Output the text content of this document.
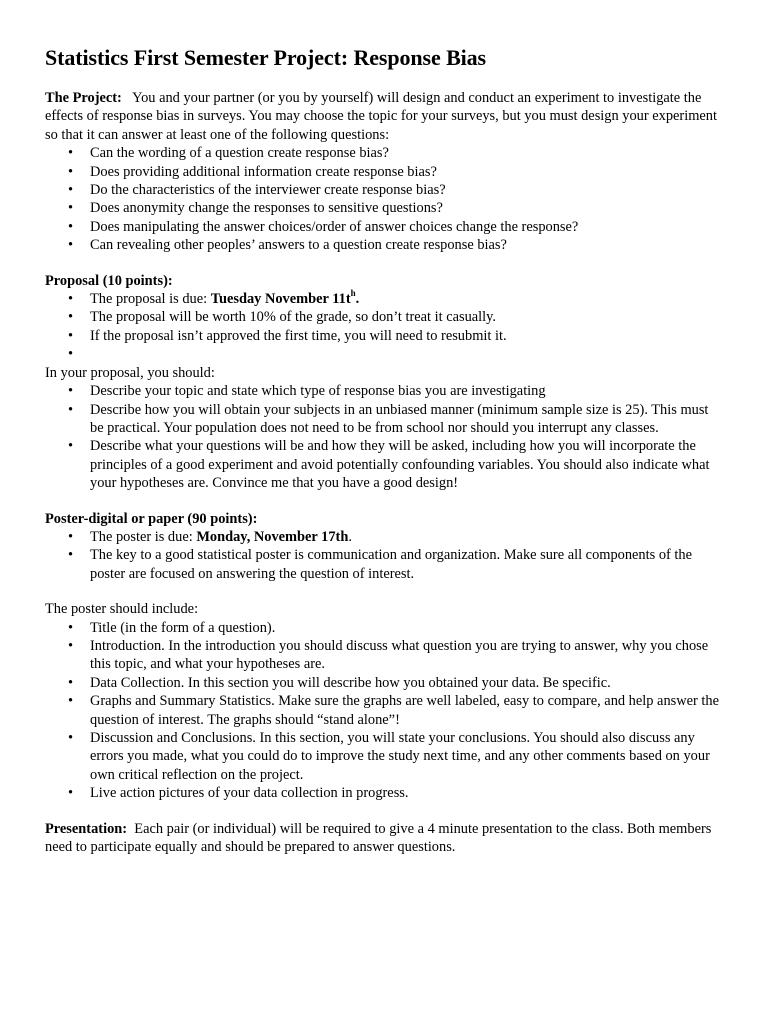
Statistics First Semester Project: Response Bias

The Project: You and your partner (or you by yourself) will design and conduct an experiment to investigate the effects of response bias in surveys. You may choose the topic for your surveys, but you must design your experiment so that it can answer at least one of the following questions:

• Can the wording of a question create response bias?
• Does providing additional information create response bias?
• Do the characteristics of the interviewer create response bias?
• Does anonymity change the responses to sensitive questions?
• Does manipulating the answer choices/order of answer choices change the response?
• Can revealing other peoples’ answers to a question create response bias?

Proposal (10 points):

• The proposal is due: Tuesday November $11t^h$.
• The proposal will be worth 10% of the grade, so don’t treat it casually.
• If the proposal isn’t approved the first time, you will need to resubmit it.
•

In your proposal, you should:

• Describe your topic and state which type of response bias you are investigating
• Describe how you will obtain your subjects in an unbiased manner (minimum sample size is 25). This must be practical. Your population does not need to be from school nor should you interrupt any classes.
• Describe what your questions will be and how they will be asked, including how you will incorporate the principles of a good experiment and avoid potentially confounding variables. You should also indicate what your hypotheses are. Convince me that you have a good design!

Poster-digital or paper (90 points):

• The poster is due: Monday, November 17th.
• The key to a good statistical poster is communication and organization. Make sure all components of the poster are focused on answering the question of interest.

The poster should include:

• Title (in the form of a question).
• Introduction. In the introduction you should discuss what question you are trying to answer, why you chose this topic, and what your hypotheses are.
• Data Collection. In this section you will describe how you obtained your data. Be specific.
• Graphs and Summary Statistics. Make sure the graphs are well labeled, easy to compare, and help answer the question of interest. The graphs should “stand alone”!
• Discussion and Conclusions. In this section, you will state your conclusions. You should also discuss any errors you made, what you could do to improve the study next time, and any other comments based on your own critical reflection on the project.
• Live action pictures of your data collection in progress.

Presentation: Each pair (or individual) will be required to give a 4 minute presentation to the class. Both members need to participate equally and should be prepared to answer questions.
